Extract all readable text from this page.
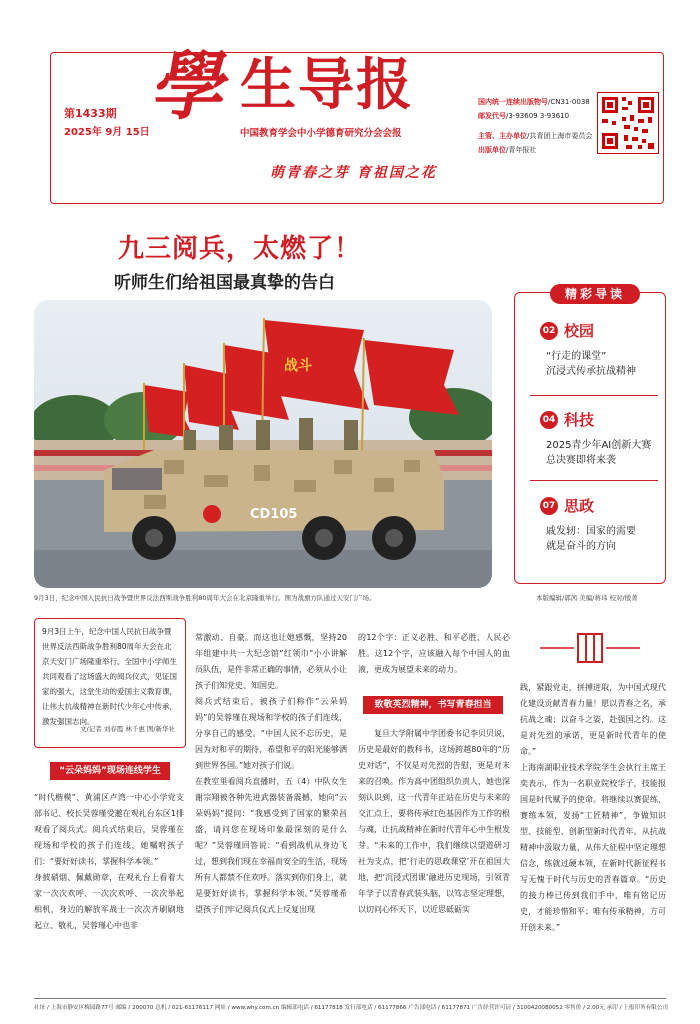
第1433期
2025年 9月 15日
學 生导报
中国教育学会中小学德育研究分会会报
萌青春之芽 育祖国之花
国内统一连续出版物号/CN31-0038
邮发代号/3-93609 3-93610
主管、主办单位/共青团上海市委员会
出版单位/青年报社
九三阅兵，太燃了！
听师生们给祖国最真挚的告白
战斗
CD105
9月3日，纪念中国人民抗日战争暨世界反法西斯战争胜利80周年大会在北京隆重举行。图为战旗方队通过天安门广场。
精彩导读
02 校园
“行走的课堂”
沉浸式传承抗战精神
04 科技
2025青少年AI创新大赛
总决赛即将来袭
07 思政
戚发轫：国家的需要
就是奋斗的方向
本版编辑/郭茜 美编/蒋玮 校对/殷菁
9月3日上午，纪念中国人民抗日战争暨世界反法西斯战争胜利80周年大会在北京天安门广场隆重举行。全国中小学师生共同观看了这场盛大的阅兵仪式，见证国家的强大，这堂生动的爱国主义教育课，让伟大抗战精神在新时代少年心中传承，激发强国志向。
文/记者 刘春霞 林千惠 图/新华社
“云朵妈妈”现场连线学生
“时代楷模”、黄浦区卢湾一中心小学党支部书记、校长吴蓉瑾受邀在观礼台东区1排观看了阅兵式。阅兵式结束后，吴蓉瑾在现场和学校的孩子们连线，她嘱咐孩子们：“要好好读书，掌握科学本领。”
身披硝烟、佩戴勋章，在观礼台上看着大家一次次欢呼、一次次欢呼、一次次举起相机，身边的解放军战士一次次齐刷刷地起立、敬礼，吴蓉瑾心中也非
常激动、自豪。而这也让她感慨，坚持20年组建中共一大纪念馆“红领巾”小小讲解员队伍，是件非常正确的事情，必须从小让孩子们知党史、知国史。
阅兵式结束后，被孩子们称作“云朵妈妈”的吴蓉瑾在现场和学校的孩子们连线，分享自己的感受。“中国人民不忘历史，是因为对和平的期待，希望和平的阳光能够洒到世界各国。”她对孩子们说。
在教室里看阅兵直播时，五（4）中队女生谢宗翔被各种先进武器装备震撼，她向“云朵妈妈”提问：“我感受到了国家的繁荣昌盛，请问您在现场印象最深刻的是什么呢？”吴蓉瑾回答说：“看到战机从身边飞过，想到我们现在幸福而安全的生活，现场所有人都禁不住欢呼。落实到你们身上，就是要好好读书，掌握科学本领。”吴蓉瑾希望孩子们牢记阅兵仪式上反复出现
的12个字：正义必胜、和平必胜、人民必胜。这12个字，应该融入每个中国人的血液，更成为展望未来的动力。
致敬英烈精神，书写青春担当
复旦大学附属中学团委书记李贝贝说，历史是最好的教科书，这场跨越80年的“历史对话”，不仅是对先烈的告慰，更是对未来的召唤。作为高中团组织负责人，她也深刻认识到，这一代青年正站在历史与未来的交汇点上，要将传承红色基因作为工作的根与魂，让抗战精神在新时代青年心中生根发芽。“未来的工作中，我们继续以望道研习社为支点，把‘行走的思政课堂’开在祖国大地，把‘沉浸式团课’融进历史现场，引领青年学子以青春武装头脑，以笃志坚定理想，以切问心怀天下，以近思砥砺实
践，紧跟党走，拼搏进取，为中国式现代化建设贡献青春力量！愿以青春之名，承抗战之魂；以奋斗之姿，赴强国之约。这是对先烈的承诺，更是新时代青年的使命。”
上海南湖职业技术学院学生会执行主席王奕表示，作为一名职业院校学子，技能报国是时代赋予的使命。将继续以赛促练、赛练本领，发扬“工匠精神”，争做知识型、技能型、创新型新时代青年。从抗战精神中汲取力量，从伟大征程中坚定理想信念，练就过硬本领，在新时代新征程书写无愧于时代与历史的青春篇章。“历史的接力棒已传到我们手中，唯有铭记历史，才能珍惜和平；唯有传承精神，方可开创未来。”
社址 / 上海市静安区梅园路77号 邮编 / 200070 总机 / 021-61176117 网址 / www.why.com.cn 编辑部电话 / 61177818 发行部电话 / 61177866 广告部电话 / 61177871 广告经营许可证 / 3100420080052 零售价 / 2.00元 承印 / 上报印务有限公司
